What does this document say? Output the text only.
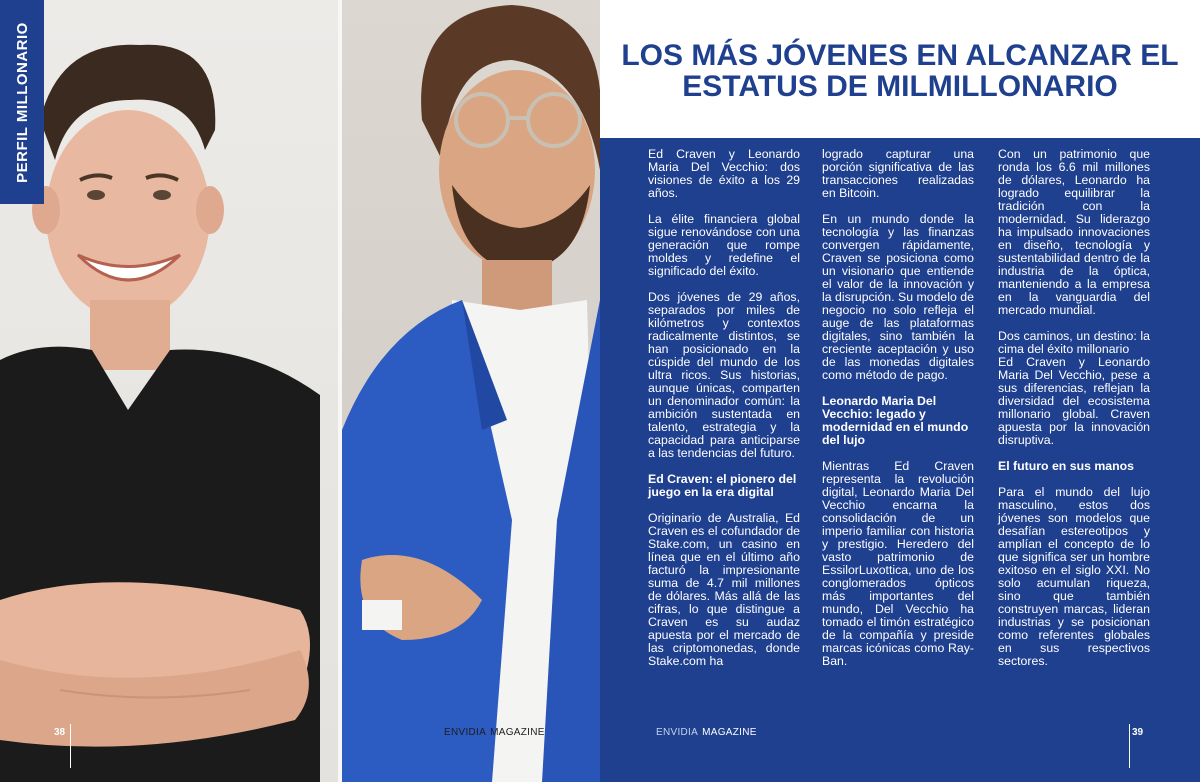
PERFIL MILLONARIO
38	ENVIDIA MAGAZINE
LOS MÁS JÓVENES EN ALCANZAR EL ESTATUS DE MILMILLONARIO

Ed Craven y Leonardo Maria Del Vecchio: dos visiones de éxito a los 29 años.

La élite financiera global sigue renovándose con una generación que rompe moldes y redefine el significado del éxito.

Dos jóvenes de 29 años, separados por miles de kilómetros y contextos radicalmente distintos, se han posicionado en la cúspide del mundo de los ultra ricos. Sus historias, aunque únicas, comparten un denominador común: la ambición sustentada en talento, estrategia y la capacidad para anticiparse a las tendencias del futuro.

Ed Craven: el pionero del juego en la era digital

Originario de Australia, Ed Craven es el cofundador de Stake.com, un casino en línea que en el último año facturó la impresionante suma de 4.7 mil millones de dólares. Más allá de las cifras, lo que distingue a Craven es su audaz apuesta por el mercado de las criptomonedas, donde Stake.com ha

logrado capturar una porción significativa de las transacciones realizadas en Bitcoin.

En un mundo donde la tecnología y las finanzas convergen rápidamente, Craven se posiciona como un visionario que entiende el valor de la innovación y la disrupción. Su modelo de negocio no solo refleja el auge de las plataformas digitales, sino también la creciente aceptación y uso de las monedas digitales como método de pago.

Leonardo Maria Del Vecchio: legado y modernidad en el mundo del lujo

Mientras Ed Craven representa la revolución digital, Leonardo Maria Del Vecchio encarna la consolidación de un imperio familiar con historia y prestigio. Heredero del vasto patrimonio de EssilorLuxottica, uno de los conglomerados ópticos más importantes del mundo, Del Vecchio ha tomado el timón estratégico de la compañía y preside marcas icónicas como Ray-Ban.

Con un patrimonio que ronda los 6.6 mil millones de dólares, Leonardo ha logrado equilibrar la tradición con la modernidad. Su liderazgo ha impulsado innovaciones en diseño, tecnología y sustentabilidad dentro de la industria de la óptica, manteniendo a la empresa en la vanguardia del mercado mundial.

Dos caminos, un destino: la cima del éxito millonario
Ed Craven y Leonardo Maria Del Vecchio, pese a sus diferencias, reflejan la diversidad del ecosistema millonario global. Craven apuesta por la innovación disruptiva.

El futuro en sus manos

Para el mundo del lujo masculino, estos dos jóvenes son modelos que desafían estereotipos y amplían el concepto de lo que significa ser un hombre exitoso en el siglo XXI. No solo acumulan riqueza, sino que también construyen marcas, lideran industrias y se posicionan como referentes globales en sus respectivos sectores.

ENVIDIA MAGAZINE	39
